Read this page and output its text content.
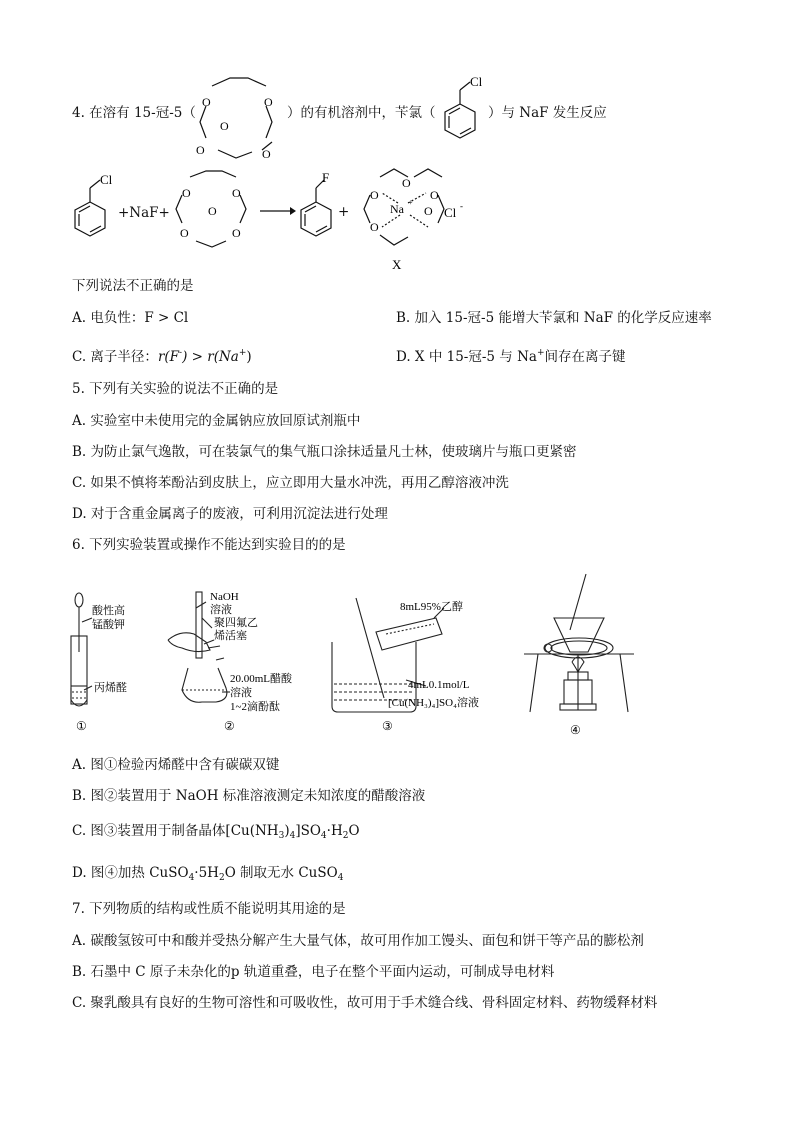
4. 在溶有 15-冠-5（
O	O
O	O
O
）的有机溶剂中，苄氯（
Cl
）与 NaF 发生反应
Cl
+NaF+
O	O
O	O
O
F
+
O
O
O
O
O
Na +
Cl -
X
下列说法不正确的是
A. 电负性：F > Cl	B. 加入 15-冠-5 能增大苄氯和 NaF 的化学反应速率
C. 离子半径：r(F-) > r(Na+)	D. X 中 15-冠-5 与 Na+间存在离子键
5. 下列有关实验的说法不正确的是
A. 实验室中未使用完的金属钠应放回原试剂瓶中
B. 为防止氯气逸散，可在装氯气的集气瓶口涂抹适量凡士林，使玻璃片与瓶口更紧密
C. 如果不慎将苯酚沾到皮肤上，应立即用大量水冲洗，再用乙醇溶液冲洗
D. 对于含重金属离子的废液，可利用沉淀法进行处理
6. 下列实验装置或操作不能达到实验目的的是
酸性高
锰酸钾
丙烯醛
①
NaOH
溶液
聚四氟乙
烯活塞
20.00mL醋酸
溶液
1~2滴酚酞
②
8mL95%乙醇
4mL0.1mol/L
[Cu(NH₃)₄]SO₄溶液
③	④
A. 图①检验丙烯醛中含有碳碳双键
B. 图②装置用于 NaOH 标准溶液测定未知浓度的醋酸溶液
C. 图③装置用于制备晶体$[Cu(NH_3)_4]SO_4\cdot H_2O$
D. 图④加热 $CuSO_4\cdot 5H_2O$ 制取无水 CuSO$_4$
7. 下列物质的结构或性质不能说明其用途的是
A. 碳酸氢铵可中和酸并受热分解产生大量气体，故可用作加工馒头、面包和饼干等产品的膨松剂
B. 石墨中 C 原子未杂化的p 轨道重叠，电子在整个平面内运动，可制成导电材料
C. 聚乳酸具有良好的生物可溶性和可吸收性，故可用于手术缝合线、骨科固定材料、药物缓释材料
